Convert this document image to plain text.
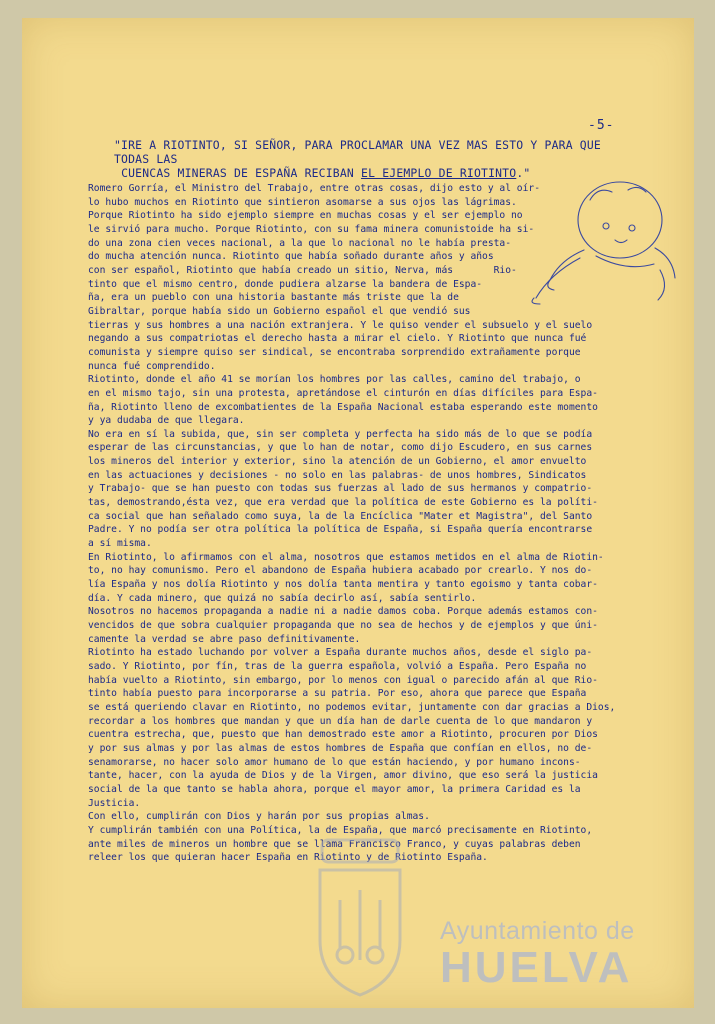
-5-
"IRE A RIOTINTO, SI SEÑOR, PARA PROCLAMAR UNA VEZ MAS ESTO Y PARA QUE TODAS LAS
CUENCAS MINERAS DE ESPAÑA RECIBAN EL EJEMPLO DE RIOTINTO."
Romero Gorría, el Ministro del Trabajo, entre otras cosas, dijo esto y al oír-
lo hubo muchos en Riotinto que sintieron asomarse a sus ojos las lágrimas.
Porque Riotinto ha sido ejemplo siempre en muchas cosas y el ser ejemplo no
le sirvió para mucho. Porque Riotinto, con su fama minera comunistoide ha si-
do una zona cien veces nacional, a la que lo nacional no le había presta-
do mucha atención nunca. Riotinto que había soñado durante años y años
con ser español, Riotinto que había creado un sitio, Nerva, más       Rio-
tinto que el mismo centro, donde pudiera alzarse la bandera de Espa-
ña, era un pueblo con una historia bastante más triste que la de
Gibraltar, porque había sido un Gobierno español el que vendió sus
tierras y sus hombres a una nación extranjera. Y le quiso vender el subsuelo y el suelo
negando a sus compatriotas el derecho hasta a mirar el cielo. Y Riotinto que nunca fué
comunista y siempre quiso ser sindical, se encontraba sorprendido extrañamente porque
nunca fué comprendido.
Riotinto, donde el año 41 se morían los hombres por las calles, camino del trabajo, o
en el mismo tajo, sin una protesta, apretándose el cinturón en días difíciles para Espa-
ña, Riotinto lleno de excombatientes de la España Nacional estaba esperando este momento
y ya dudaba de que llegara.
No era en sí la subida, que, sin ser completa y perfecta ha sido más de lo que se podía
esperar de las circunstancias, y que lo han de notar, como dijo Escudero, en sus carnes
los mineros del interior y exterior, sino la atención de un Gobierno, el amor envuelto
en las actuaciones y decisiones - no solo en las palabras- de unos hombres, Sindicatos
y Trabajo- que se han puesto con todas sus fuerzas al lado de sus hermanos y compatrio-
tas, demostrando,ésta vez, que era verdad que la política de este Gobierno es la políti-
ca social que han señalado como suya, la de la Encíclica "Mater et Magistra", del Santo
Padre. Y no podía ser otra política la política de España, si España quería encontrarse
a sí misma.
En Riotinto, lo afirmamos con el alma, nosotros que estamos metidos en el alma de Riotin-
to, no hay comunismo. Pero el abandono de España hubiera acabado por crearlo. Y nos do-
lía España y nos dolía Riotinto y nos dolía tanta mentira y tanto egoismo y tanta cobar-
día. Y cada minero, que quizá no sabía decirlo así, sabía sentirlo.
Nosotros no hacemos propaganda a nadie ni a nadie damos coba. Porque además estamos con-
vencidos de que sobra cualquier propaganda que no sea de hechos y de ejemplos y que úni-
camente la verdad se abre paso definitivamente.
Riotinto ha estado luchando por volver a España durante muchos años, desde el siglo pa-
sado. Y Riotinto, por fín, tras de la guerra española, volvió a España. Pero España no
había vuelto a Riotinto, sin embargo, por lo menos con igual o parecido afán al que Rio-
tinto había puesto para incorporarse a su patria. Por eso, ahora que parece que España
se está queriendo clavar en Riotinto, no podemos evitar, juntamente con dar gracias a Dios,
recordar a los hombres que mandan y que un día han de darle cuenta de lo que mandaron y
cuentra estrecha, que, puesto que han demostrado este amor a Riotinto, procuren por Dios
y por sus almas y por las almas de estos hombres de España que confían en ellos, no de-
senamorarse, no hacer solo amor humano de lo que están haciendo, y por humano incons-
tante, hacer, con la ayuda de Dios y de la Virgen, amor divino, que eso será la justicia
social de la que tanto se habla ahora, porque el mayor amor, la primera Caridad es la
Justicia.
Con ello, cumplirán con Dios y harán por sus propias almas.
Y cumplirán también con una Política, la de España, que marcó precisamente en Riotinto,
ante miles de mineros un hombre que se llama Francisco Franco, y cuyas palabras deben
releer los que quieran hacer España en Riotinto y de Riotinto España.
Ayuntamiento de
HUELVA
